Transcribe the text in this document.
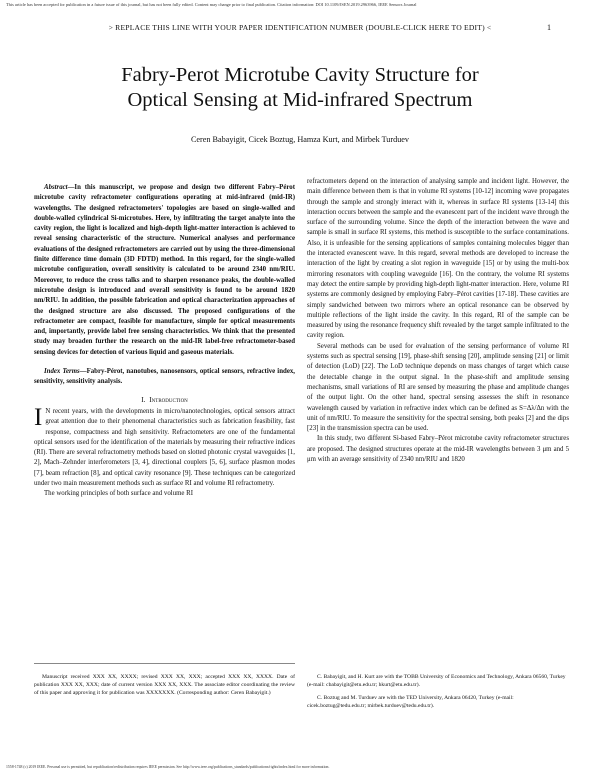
This article has been accepted for publication in a future issue of this journal, but has not been fully edited. Content may change prior to final publication. Citation information: DOI 10.1109/JSEN.2019.2963966, IEEE Sensors Journal
> REPLACE THIS LINE WITH YOUR PAPER IDENTIFICATION NUMBER (DOUBLE-CLICK HERE TO EDIT) <	1
Fabry-Perot Microtube Cavity Structure for
Optical Sensing at Mid-infrared Spectrum
Ceren Babayigit, Cicek Boztug, Hamza Kurt, and Mirbek Turduev

Abstract—In this manuscript, we propose and design two different Fabry–Pérot microtube cavity refractometer configurations operating at mid-infrared (mid-IR) wavelengths. The designed refractometers' topologies are based on single-walled and double-walled cylindrical Si-microtubes. Here, by infiltrating the target analyte into the cavity region, the light is localized and high-depth light-matter interaction is achieved to reveal sensing characteristic of the structure. Numerical analyses and performance evaluations of the designed refractometers are carried out by using the three-dimensional finite difference time domain (3D FDTD) method. In this regard, for the single-walled microtube configuration, overall sensitivity is calculated to be around 2340 nm/RIU. Moreover, to reduce the cross talks and to sharpen resonance peaks, the double-walled microtube design is introduced and overall sensitivity is found to be around 1820 nm/RIU. In addition, the possible fabrication and optical characterization approaches of the designed structure are also discussed. The proposed configurations of the refractometer are compact, feasible for manufacture, simple for optical measurements and, importantly, provide label free sensing characteristics. We think that the presented study may broaden further the research on the mid-IR label-free refractometer-based sensing devices for detection of various liquid and gaseous materials.

Index Terms—Fabry-Pérot, nanotubes, nanosensors, optical sensors, refractive index, sensitivity, sensitivity analysis.

I. Introduction

I N recent years, with the developments in micro/nanotechnologies, optical sensors attract great attention due to their phenomenal characteristics such as fabrication feasibility, fast response, compactness and high sensitivity. Refractometers are one of the fundamental optical sensors used for the identification of the materials by measuring their refractive indices (RI). There are several refractometry methods based on slotted photonic crystal waveguides [1, 2], Mach–Zehnder interferometers [3, 4], directional couplers [5, 6], surface plasmon modes [7], beam refraction [8], and optical cavity resonance [9]. These techniques can be categorized under two main measurement methods such as surface RI and volume RI refractometry.

The working principles of both surface and volume RI

refractometers depend on the interaction of analysing sample and incident light. However, the main difference between them is that in volume RI systems [10-12] incoming wave propagates through the sample and strongly interact with it, whereas in surface RI systems [13-14] this interaction occurs between the sample and the evanescent part of the incident wave through the surface of the surrounding volume. Since the depth of the interaction between the wave and sample is small in surface RI systems, this method is susceptible to the surface contaminations. Also, it is unfeasible for the sensing applications of samples containing molecules bigger than the interacted evanescent wave. In this regard, several methods are developed to increase the interaction of the light by creating a slot region in waveguide [15] or by using the multi-box mirroring resonators with coupling waveguide [16]. On the contrary, the volume RI systems may detect the entire sample by providing high-depth light-matter interaction. Here, volume RI systems are commonly designed by employing Fabry–Pérot cavities [17-18]. These cavities are simply sandwiched between two mirrors where an optical resonance can be observed by multiple reflections of the light inside the cavity. In this regard, RI of the sample can be measured by using the resonance frequency shift revealed by the target sample infiltrated to the cavity region.

Several methods can be used for evaluation of the sensing performance of volume RI systems such as spectral sensing [19], phase-shift sensing [20], amplitude sensing [21] or limit of detection (LoD) [22]. The LoD technique depends on mass changes of target which cause the detectable change in the output signal. In the phase-shift and amplitude sensing mechanisms, small variations of RI are sensed by measuring the phase and amplitude changes of the output light. On the other hand, spectral sensing assesses the shift in resonance wavelength caused by variation in refractive index which can be defined as S=Δλ/Δn with the unit of nm/RIU. To measure the sensitivity for the spectral sensing, both peaks [2] and the dips [23] in the transmission spectra can be used.

In this study, two different Si-based Fabry–Pérot microtube cavity refractometer structures are proposed. The designed structures operate at the mid-IR wavelengths between 3 μm and 5 μm with an average sensitivity of 2340 nm/RIU and 1820

Manuscript received XXX XX, XXXX; revised XXX XX, XXX; accepted XXX XX, XXXX. Date of publication XXX XX, XXX; date of current version XXX XX, XXX. The associate editor coordinating the review of this paper and approving it for publication was XXXXXXX. (Corresponding author: Ceren Babayigit.)

C. Babayigit, and H. Kurt are with the TOBB University of Economics and Technology, Ankara 06560, Turkey (e-mail: cbabayigit@etu.edu.tr; hkurt@etu.edu.tr).

C. Boztug and M. Turduev are with the TED University, Ankara 06420, Turkey (e-mail: cicek.boztug@tedu.edu.tr; mirbek.turduev@tedu.edu.tr).

1558-1748 (c) 2019 IEEE. Personal use is permitted, but republication/redistribution requires IEEE permission. See http://www.ieee.org/publications_standards/publications/rights/index.html for more information.
